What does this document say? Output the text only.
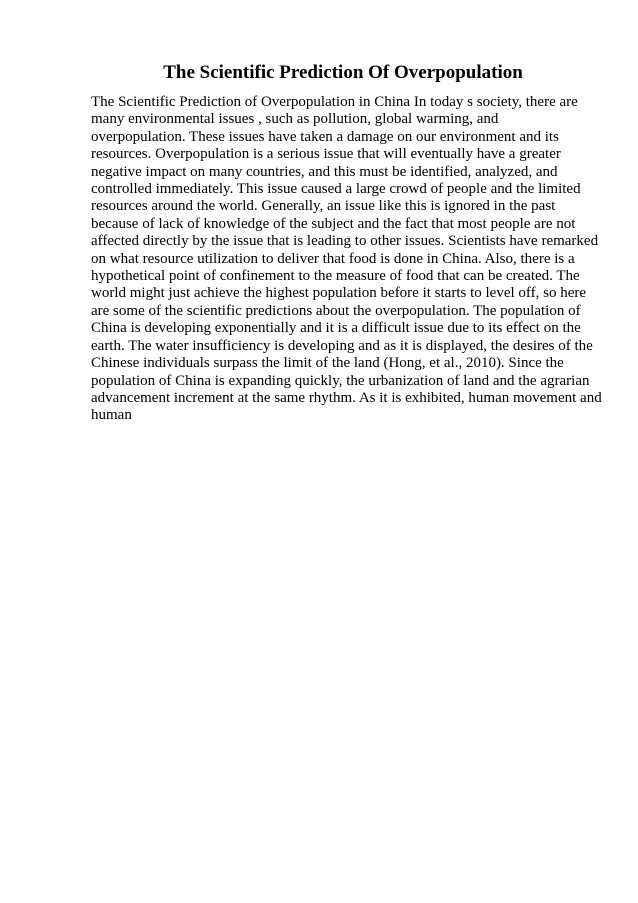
The Scientific Prediction Of Overpopulation
The Scientific Prediction of Overpopulation in China In today s society, there are
many environmental issues , such as pollution, global warming, and
overpopulation. These issues have taken a damage on our environment and its
resources. Overpopulation is a serious issue that will eventually have a greater
negative impact on many countries, and this must be identified, analyzed, and
controlled immediately. This issue caused a large crowd of people and the limited
resources around the world. Generally, an issue like this is ignored in the past
because of lack of knowledge of the subject and the fact that most people are not
affected directly by the issue that is leading to other issues. Scientists have remarked
on what resource utilization to deliver that food is done in China. Also, there is a
hypothetical point of confinement to the measure of food that can be created. The
world might just achieve the highest population before it starts to level off, so here
are some of the scientific predictions about the overpopulation. The population of
China is developing exponentially and it is a difficult issue due to its effect on the
earth. The water insufficiency is developing and as it is displayed, the desires of the
Chinese individuals surpass the limit of the land (Hong, et al., 2010). Since the
population of China is expanding quickly, the urbanization of land and the agrarian
advancement increment at the same rhythm. As it is exhibited, human movement and
human
